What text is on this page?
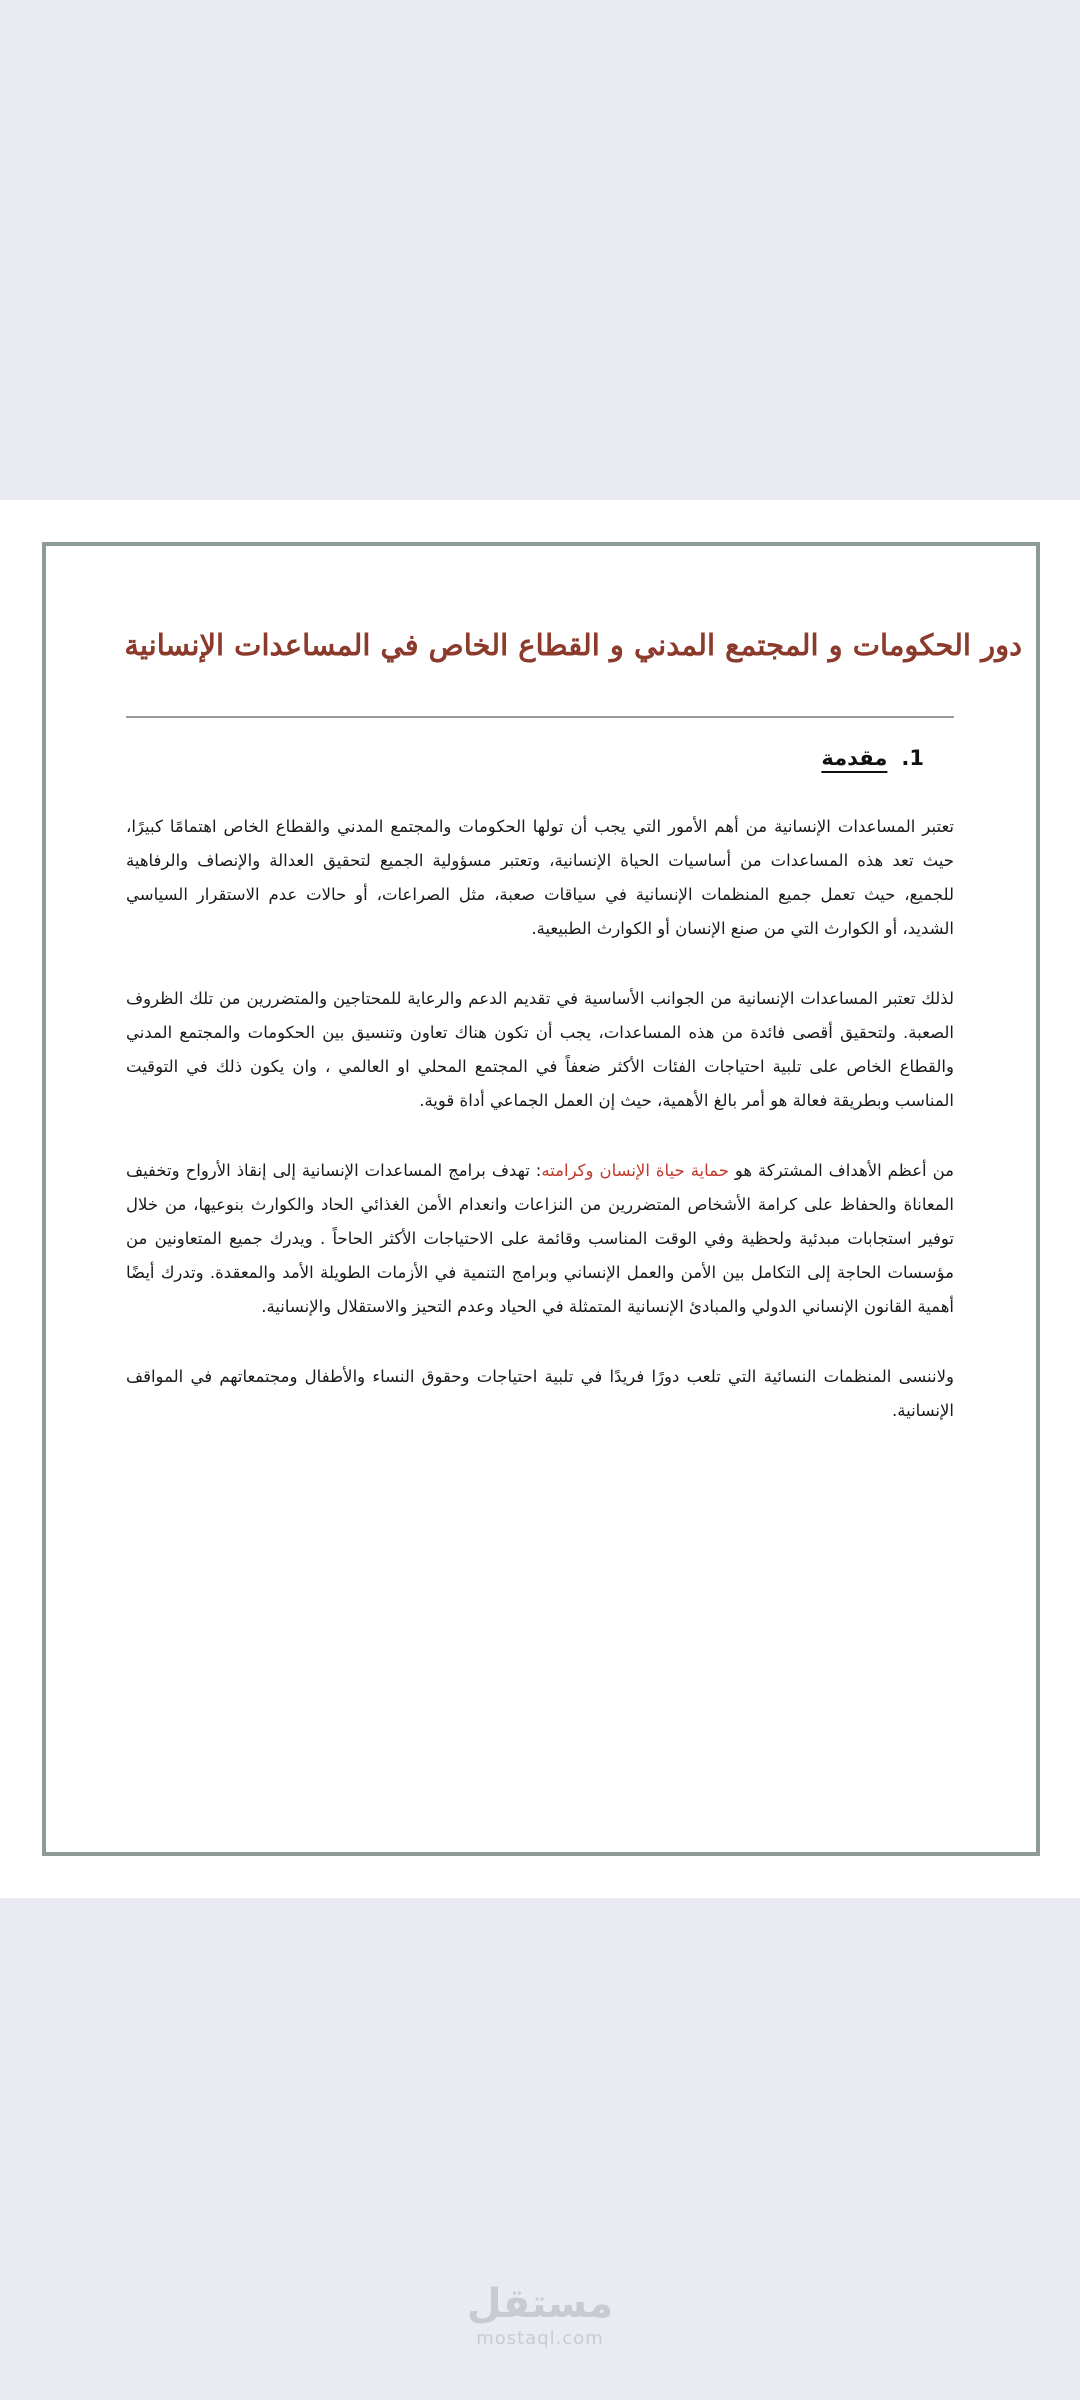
دور الحكومات و المجتمع المدني و القطاع الخاص في المساعدات الإنسانية
1.
مقدمة

تعتبر المساعدات الإنسانية من أهم الأمور التي يجب أن تولها الحكومات والمجتمع المدني والقطاع الخاص اهتمامًا كبيرًا، حيث تعد هذه المساعدات من أساسيات الحياة الإنسانية، وتعتبر مسؤولية الجميع لتحقيق العدالة والإنصاف والرفاهية للجميع، حيث تعمل جميع المنظمات الإنسانية في سياقات صعبة، مثل الصراعات، أو حالات عدم الاستقرار السياسي الشديد، أو الكوارث التي من صنع الإنسان أو الكوارث الطبيعية.

لذلك تعتبر المساعدات الإنسانية من الجوانب الأساسية في تقديم الدعم والرعاية للمحتاجين والمتضررين من تلك الظروف الصعبة. ولتحقيق أقصى فائدة من هذه المساعدات، يجب أن تكون هناك تعاون وتنسيق بين الحكومات والمجتمع المدني والقطاع الخاص على تلبية احتياجات الفئات الأكثر ضعفاً في المجتمع المحلي او العالمي ، وان يكون ذلك في التوقيت المناسب وبطريقة فعالة هو أمر بالغ الأهمية، حيث إن العمل الجماعي أداة قوية.

من أعظم الأهداف المشتركة هو حماية حياة الإنسان وكرامته: تهدف برامج المساعدات الإنسانية إلى إنقاذ الأرواح وتخفيف المعاناة والحفاظ على كرامة الأشخاص المتضررين من النزاعات وانعدام الأمن الغذائي الحاد والكوارث بنوعيها، من خلال توفير استجابات مبدئية ولحظية وفي الوقت المناسب وقائمة على الاحتياجات الأكثر الحاحاً . ويدرك جميع المتعاونين من مؤسسات الحاجة إلى التكامل بين الأمن والعمل الإنساني وبرامج التنمية في الأزمات الطويلة الأمد والمعقدة. وتدرك أيضًا أهمية القانون الإنساني الدولي والمبادئ الإنسانية المتمثلة في الحياد وعدم التحيز والاستقلال والإنسانية.

ولاننسى المنظمات النسائية التي تلعب دورًا فريدًا في تلبية احتياجات وحقوق النساء والأطفال ومجتمعاتهم في المواقف الإنسانية.

مستقل
mostaql.com
